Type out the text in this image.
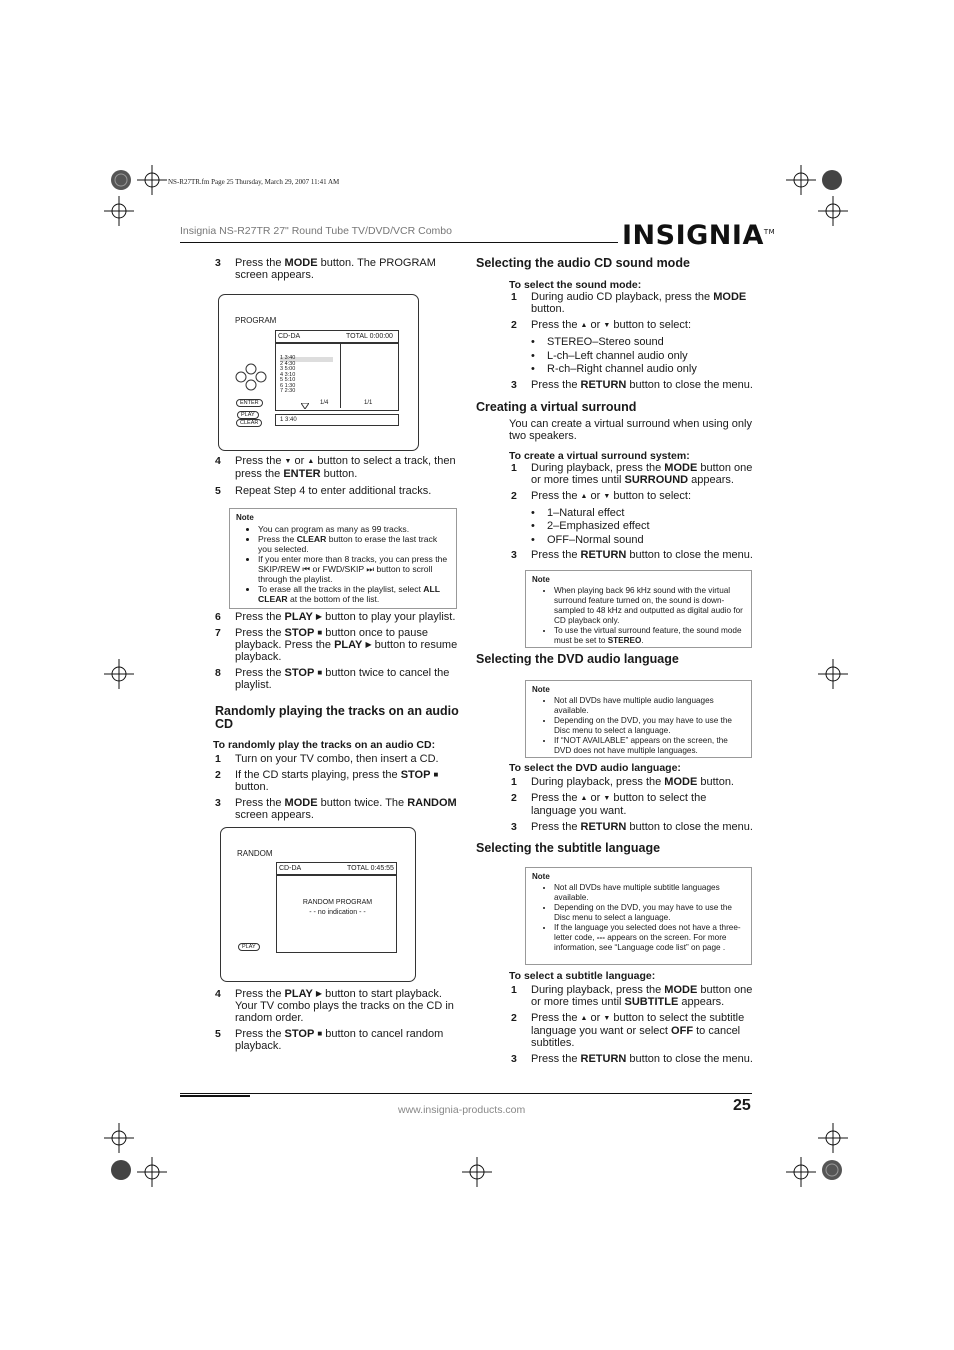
NS-R27TR.fm Page 25 Thursday, March 29, 2007 11:41 AM
Insignia NS-R27TR 27" Round Tube TV/DVD/VCR Combo	INSIGNIA™

3 Press the MODE button. The PROGRAM screen appears.

PROGRAM
CD-DA	TOTAL 0:00:00
1 3:40
2 4:30
3 5:00
4 3:10
5 5:10
6 1:30
7 2:30
1/4	1/1
1 3:40
ENTER
PLAY
CLEAR

4 Press the ▼ or ▲ button to select a track, then press the ENTER button.

5 Repeat Step 4 to enter additional tracks.

Note
• You can program as many as 99 tracks.
• Press the CLEAR button to erase the last track you selected.
• If you enter more than 8 tracks, you can press the SKIP/REW ⏮ or FWD/SKIP ⏭ button to scroll through the playlist.
• To erase all the tracks in the playlist, select ALL CLEAR at the bottom of the list.

6 Press the PLAY ▶ button to play your playlist.

7 Press the STOP ■ button once to pause playback. Press the PLAY ▶ button to resume playback.

8 Press the STOP ■ button twice to cancel the playlist.

Randomly playing the tracks on an audio CD
To randomly play the tracks on an audio CD:

1 Turn on your TV combo, then insert a CD.

2 If the CD starts playing, press the STOP ■ button.

3 Press the MODE button twice. The RANDOM screen appears.

RANDOM
CD-DA	TOTAL 0:45:55
RANDOM PROGRAM
- - no indication - -
PLAY

4 Press the PLAY ▶ button to start playback. Your TV combo plays the tracks on the CD in random order.

5 Press the STOP ■ button to cancel random playback.

Selecting the audio CD sound mode
To select the sound mode:

1 During audio CD playback, press the MODE button.

2 Press the ▲ or ▼ button to select:

• STEREO–Stereo sound
• L-ch–Left channel audio only
• R-ch–Right channel audio only

3 Press the RETURN button to close the menu.

Creating a virtual surround
You can create a virtual surround when using only two speakers.
To create a virtual surround system:

1 During playback, press the MODE button one or more times until SURROUND appears.

2 Press the ▲ or ▼ button to select:

• 1–Natural effect
• 2–Emphasized effect
• OFF–Normal sound

3 Press the RETURN button to close the menu.

Note
• When playing back 96 kHz sound with the virtual surround feature turned on, the sound is down-sampled to 48 kHz and outputted as digital audio for CD playback only.
• To use the virtual surround feature, the sound mode must be set to STEREO.
Selecting the DVD audio language
Note
• Not all DVDs have multiple audio languages available.
• Depending on the DVD, you may have to use the Disc menu to select a language.
• If “NOT AVAILABLE” appears on the screen, the DVD does not have multiple languages.
To select the DVD audio language:

1 During playback, press the MODE button.

2 Press the ▲ or ▼ button to select the language you want.

3 Press the RETURN button to close the menu.

Selecting the subtitle language
Note
• Not all DVDs have multiple subtitle languages available.
• Depending on the DVD, you may have to use the Disc menu to select a language.
• If the language you selected does not have a three-letter code, --- appears on the screen. For more information, see “Language code list” on page .
To select a subtitle language:

1 During playback, press the MODE button one or more times until SUBTITLE appears.

2 Press the ▲ or ▼ button to select the subtitle language you want or select OFF to cancel subtitles.

3 Press the RETURN button to close the menu.

www.insignia-products.com	25
